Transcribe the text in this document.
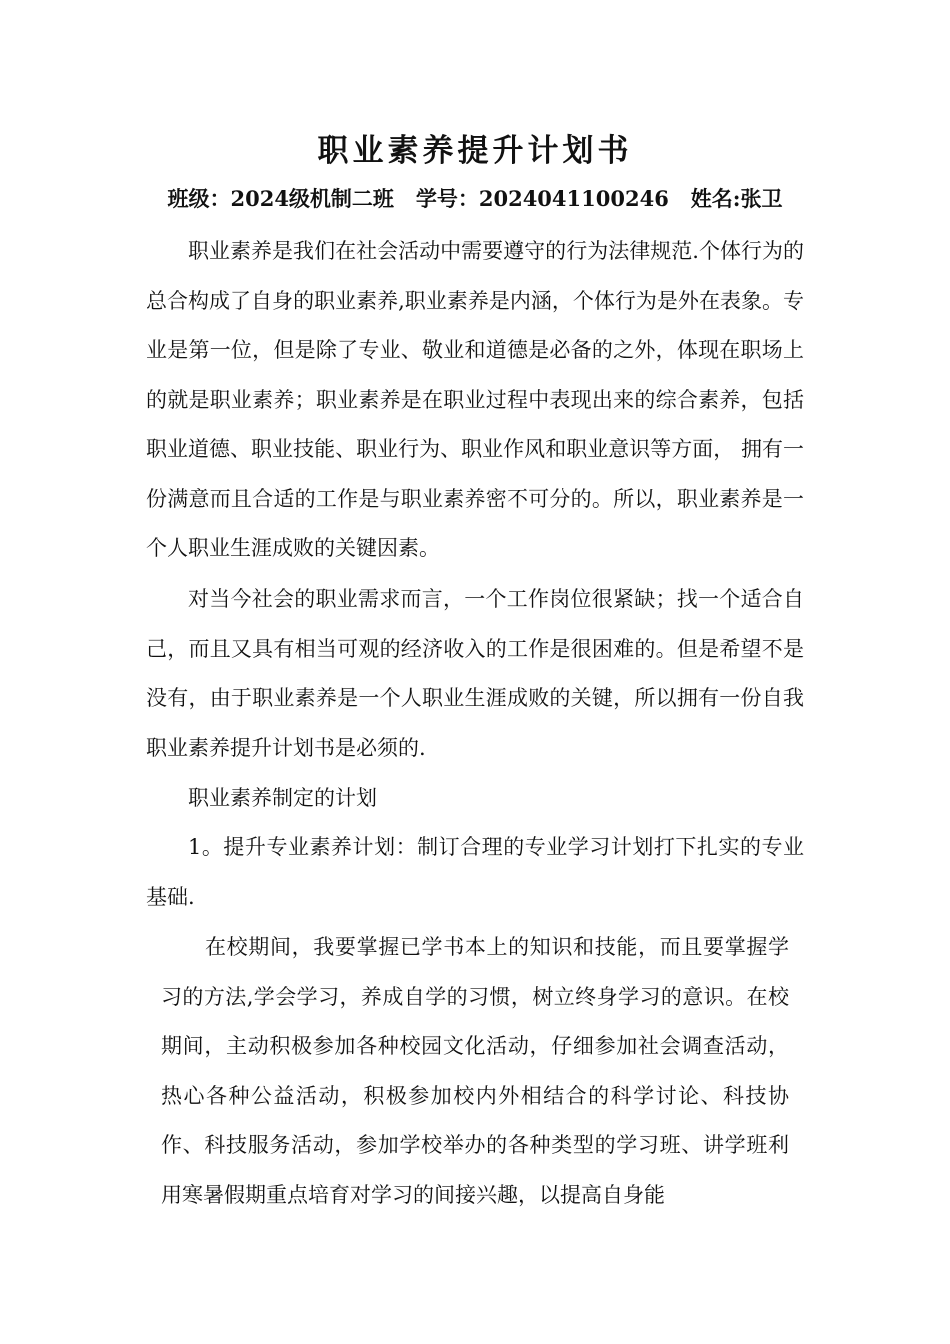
职业素养提升计划书

班级：2024级机制二班   学号：2024041100246   姓名:张卫

职业素养是我们在社会活动中需要遵守的行为法律规范.个体行为的总合构成了自身的职业素养,职业素养是内涵，个体行为是外在表象。专业是第一位，但是除了专业、敬业和道德是必备的之外，体现在职场上的就是职业素养；职业素养是在职业过程中表现出来的综合素养，包括职业道德、职业技能、职业行为、职业作风和职业意识等方面， 拥有一份满意而且合适的工作是与职业素养密不可分的。所以，职业素养是一个人职业生涯成败的关键因素。

对当今社会的职业需求而言，一个工作岗位很紧缺；找一个适合自己，而且又具有相当可观的经济收入的工作是很困难的。但是希望不是没有，由于职业素养是一个人职业生涯成败的关键，所以拥有一份自我职业素养提升计划书是必须的.

职业素养制定的计划

1。提升专业素养计划：制订合理的专业学习计划打下扎实的专业基础.

在校期间，我要掌握已学书本上的知识和技能，而且要掌握学习的方法,学会学习，养成自学的习惯，树立终身学习的意识。在校期间，主动积极参加各种校园文化活动，仔细参加社会调查活动，热心各种公益活动，积极参加校内外相结合的科学讨论、科技协作、科技服务活动，参加学校举办的各种类型的学习班、讲学班利用寒暑假期重点培育对学习的间接兴趣，以提高自身能
